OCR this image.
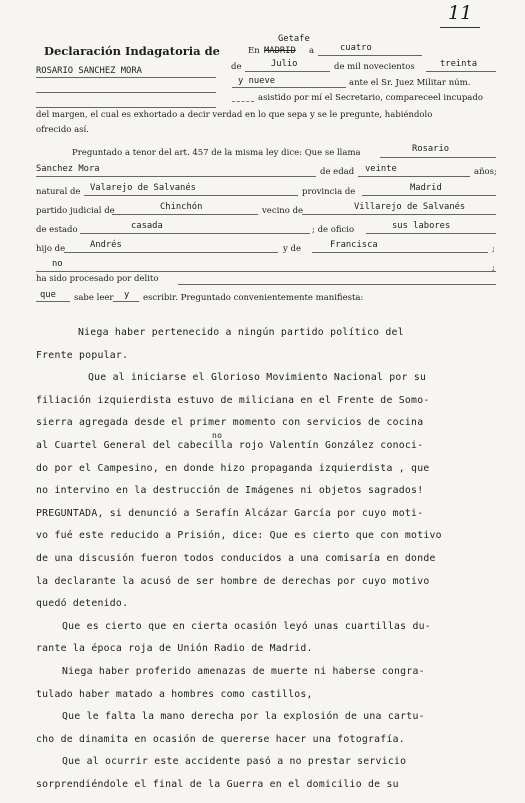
11
Declaración Indagatoria de
ROSARIO SANCHEZ MORA
En MADRID
Getafe
a	cuatro
de	Julio	de mil novecientos	treinta
y nueve	ante el Sr. Juez Militar núm.
asistido por mí el Secretario, compareceel incupado
del margen, el cual es exhortado a decir verdad en lo que sepa y se le pregunte, habiéndolo
ofrecido así.
Preguntado a tenor del art. 457 de la misma ley dice: Que se llama	Rosario
Sanchez Mora	de edad veinte	años;
natural de Valarejo de Salvanés	provincia de	Madrid
partido judicial de	Chinchón	vecino de	Villarejo de Salvanés
de estado	casada	; de oficio	sus labores
hijo de	Andrés	y de	Francisca	;
no	;
ha sido procesado por delito
que sabe leer y escribir. Preguntado convenientemente manifiesta:
Niega haber pertenecido a ningún partido político del
Frente popular.
Que al iniciarse el Glorioso Movimiento Nacional por su
filiación izquierdista estuvo de miliciana en el Frente de Somo-
sierra agregada desde el primer momento con servicios de cocina
no
al Cuartel General del cabecilla rojo Valentín González conoci-
do por el Campesino, en donde hizo propaganda izquierdista , que
no intervino en la destrucción de Imágenes ni objetos sagrados!
PREGUNTADA, si denunció a Serafín Alcázar García por cuyo moti-
vo fué este reducido a Prisión, dice: Que es cierto que con motivo
de una discusión fueron todos conducidos a una comisaría en donde
la declarante la acusó de ser hombre de derechas por cuyo motivo
quedó detenido.
Que es cierto que en cierta ocasión leyó unas cuartillas du-
rante la época roja de Unión Radio de Madrid.
Niega haber proferido amenazas de muerte ni haberse congra-
tulado haber matado a hombres como castillos,
Que le falta la mano derecha por la explosión de una cartu-
cho de dinamita en ocasión de quererse hacer una fotografía.
Que al ocurrir este accidente pasó a no prestar servicio
sorprendiéndole el final de la Guerra en el domicilio de su
